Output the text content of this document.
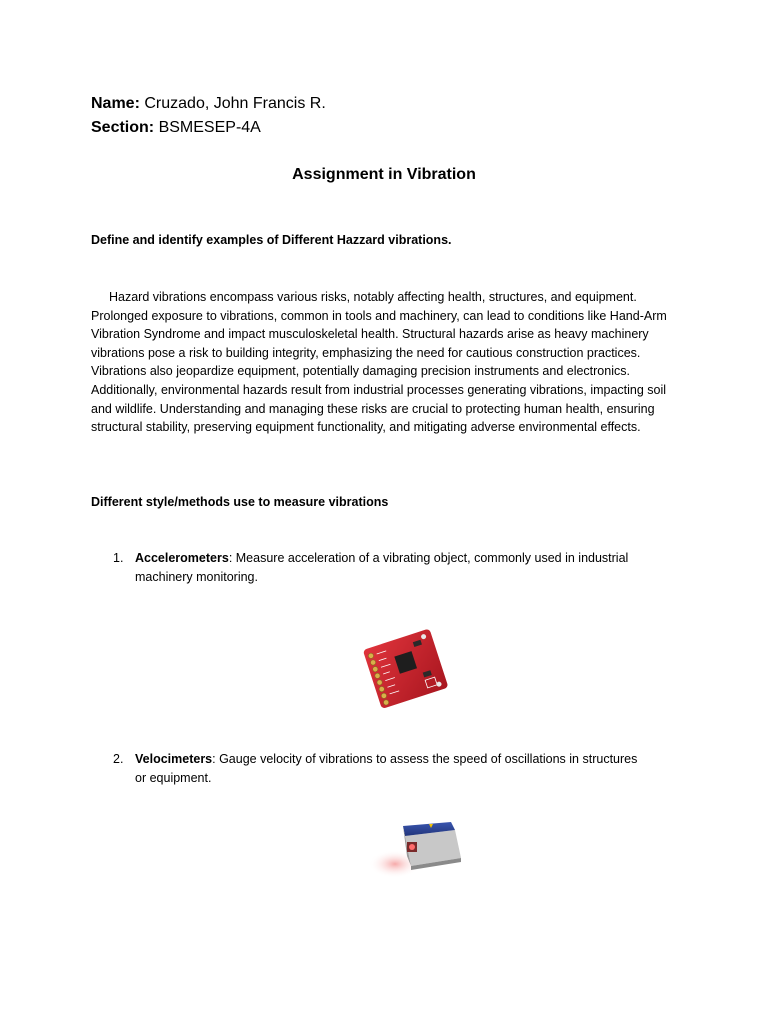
Name: Cruzado, John Francis R.
Section: BSMESEP-4A
Assignment in Vibration
Define and identify examples of Different Hazzard vibrations.
Hazard vibrations encompass various risks, notably affecting health, structures, and equipment. Prolonged exposure to vibrations, common in tools and machinery, can lead to conditions like Hand-Arm Vibration Syndrome and impact musculoskeletal health. Structural hazards arise as heavy machinery vibrations pose a risk to building integrity, emphasizing the need for cautious construction practices. Vibrations also jeopardize equipment, potentially damaging precision instruments and electronics. Additionally, environmental hazards result from industrial processes generating vibrations, impacting soil and wildlife. Understanding and managing these risks are crucial to protecting human health, ensuring structural stability, preserving equipment functionality, and mitigating adverse environmental effects.
Different style/methods use to measure vibrations
1. Accelerometers: Measure acceleration of a vibrating object, commonly used in industrial machinery monitoring.
2. Velocimeters: Gauge velocity of vibrations to assess the speed of oscillations in structures or equipment.
